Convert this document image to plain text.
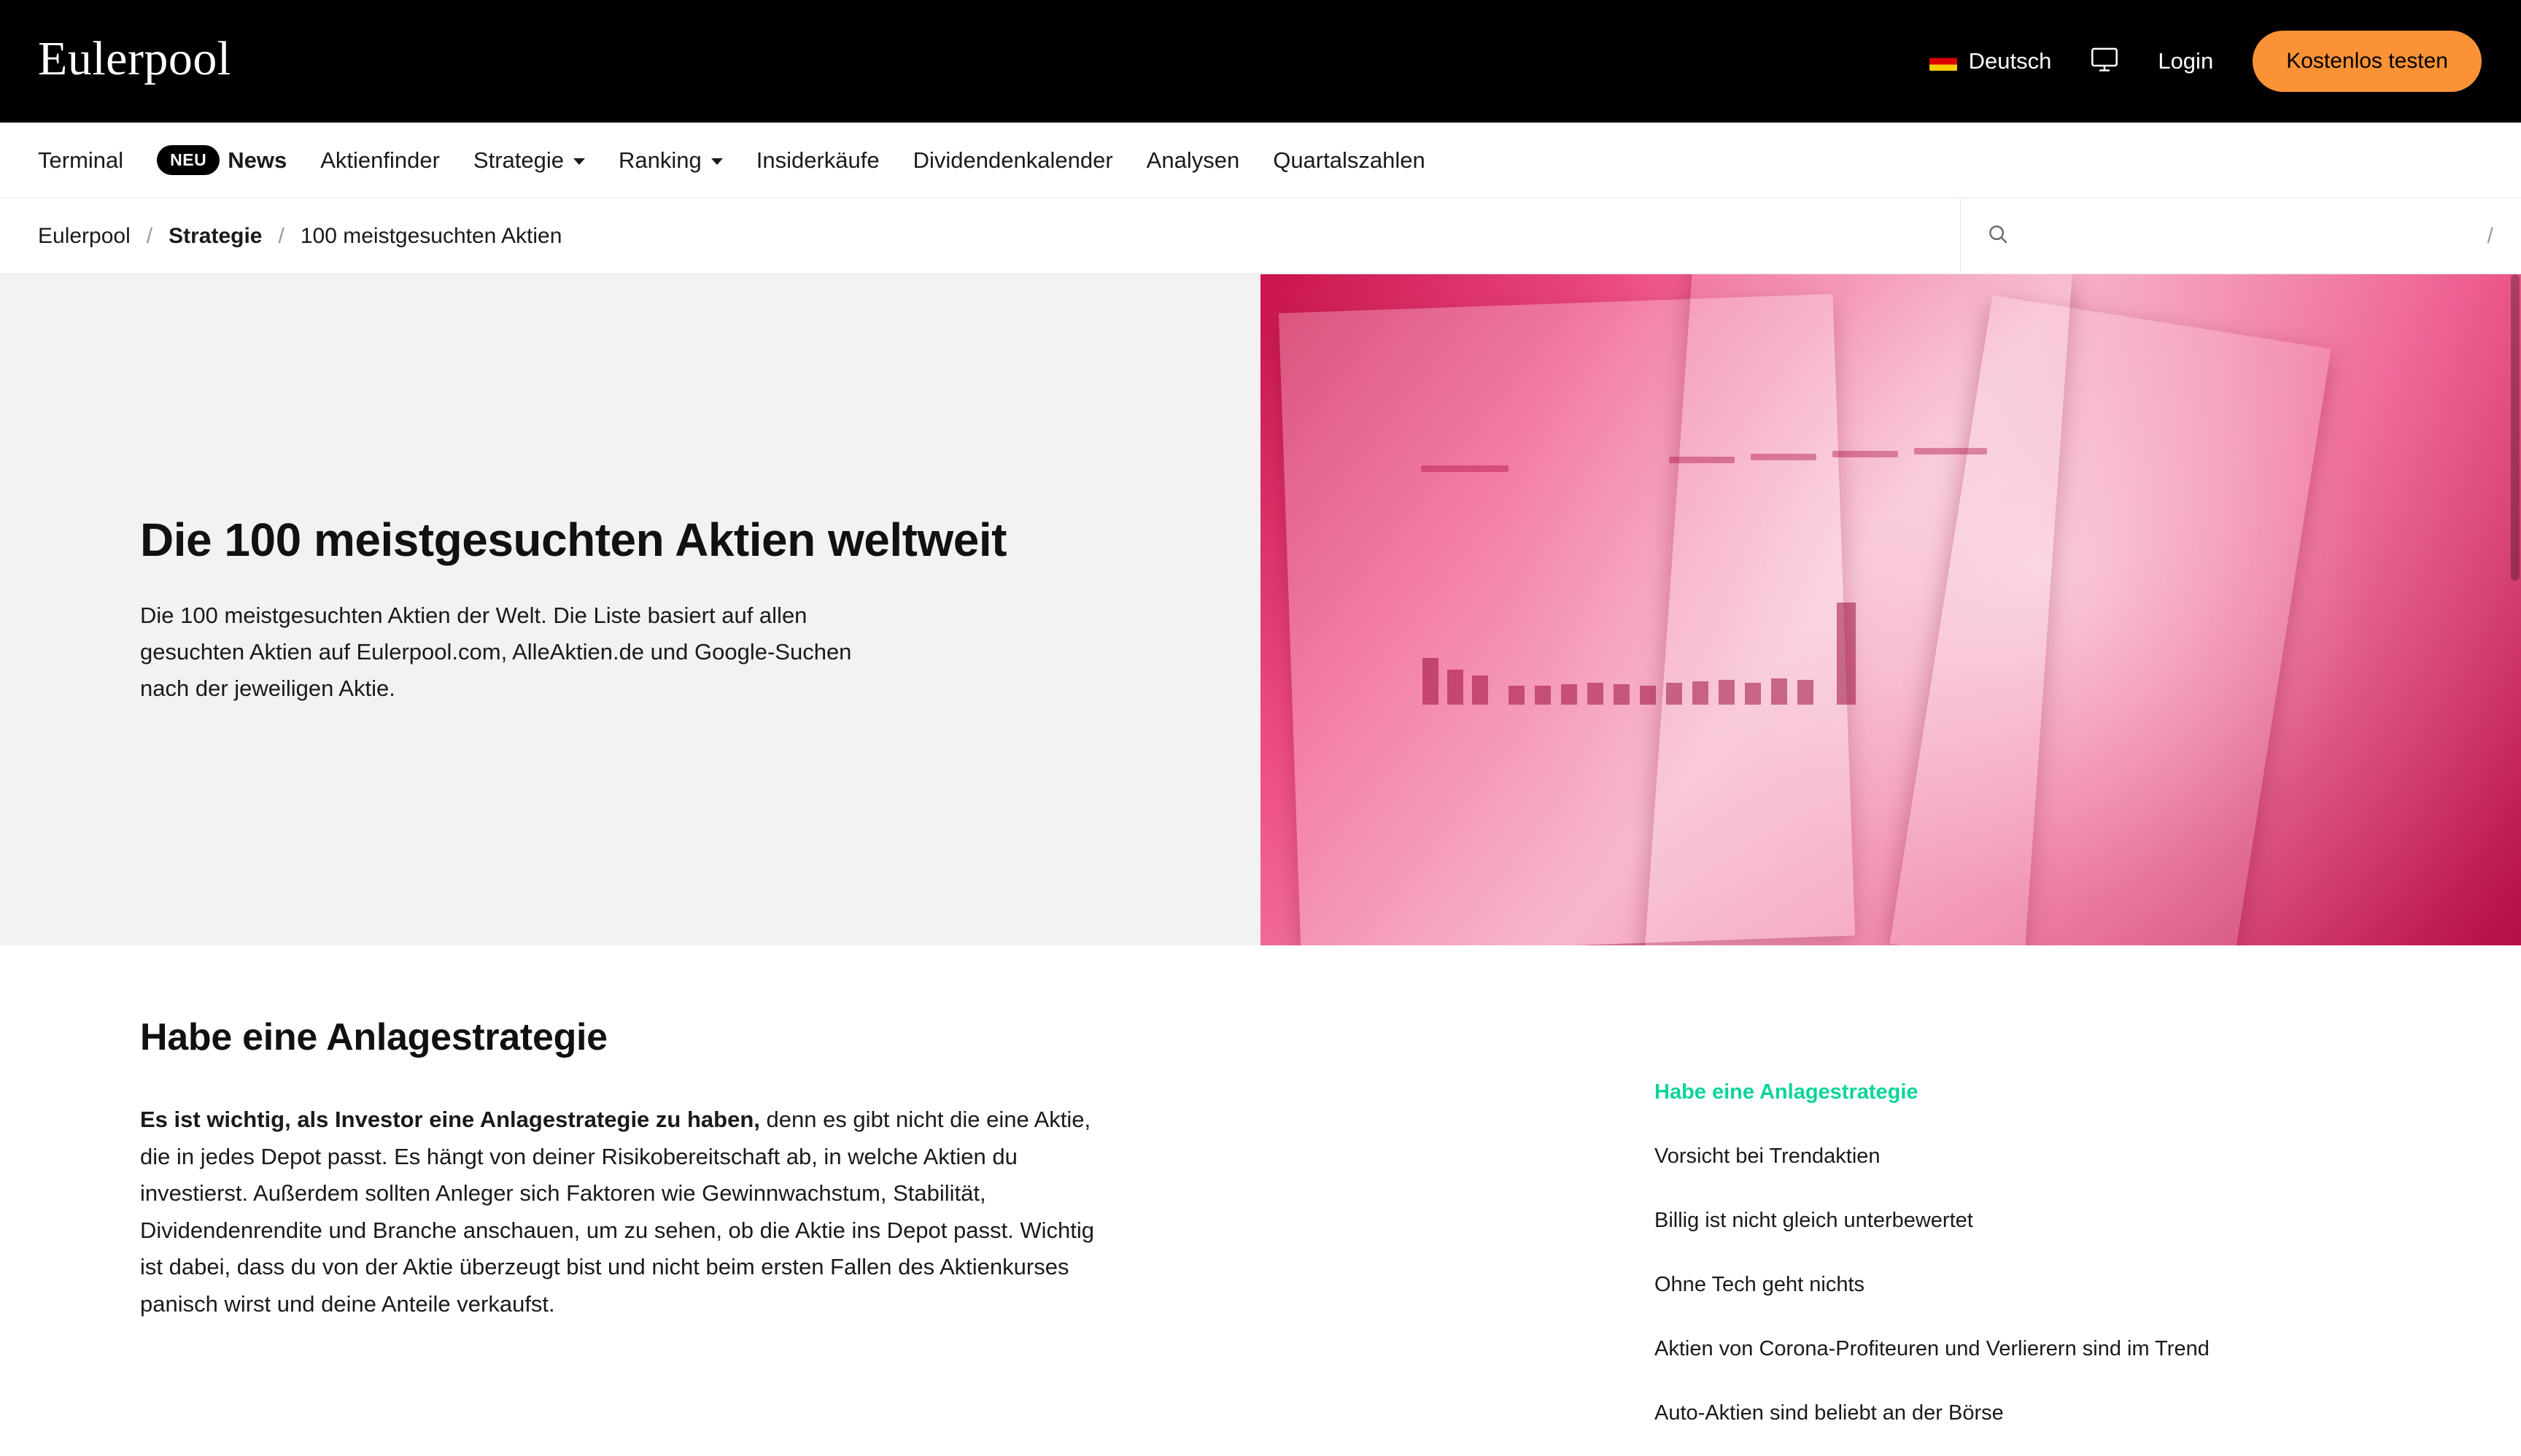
Eulerpool	Deutsch	Login	Kostenlos testen
Terminal	NEU News Aktienfinder Strategie Ranking Insiderkäufe Dividendenkalender Analysen Quartalszahlen
Eulerpool / Strategie / 100 meistgesuchten Aktien	/
Die 100 meistgesuchten Aktien weltweit

Die 100 meistgesuchten Aktien der Welt. Die Liste basiert auf allen gesuchten Aktien auf Eulerpool.com, AlleAktien.de und Google-Suchen nach der jeweiligen Aktie.

Habe eine Anlagestrategie

Es ist wichtig, als Investor eine Anlagestrategie zu haben, denn es gibt nicht die eine Aktie, die in jedes Depot passt. Es hängt von deiner Risikobereitschaft ab, in welche Aktien du investierst. Außerdem sollten Anleger sich Faktoren wie Gewinnwachstum, Stabilität, Dividendenrendite und Branche anschauen, um zu sehen, ob die Aktie ins Depot passt. Wichtig ist dabei, dass du von der Aktie überzeugt bist und nicht beim ersten Fallen des Aktienkurses panisch wirst und deine Anteile verkaufst.

Habe eine Anlagestrategie
Vorsicht bei Trendaktien
Billig ist nicht gleich unterbewertet
Ohne Tech geht nichts
Aktien von Corona-Profiteuren und Verlierern sind im Trend
Auto-Aktien sind beliebt an der Börse
